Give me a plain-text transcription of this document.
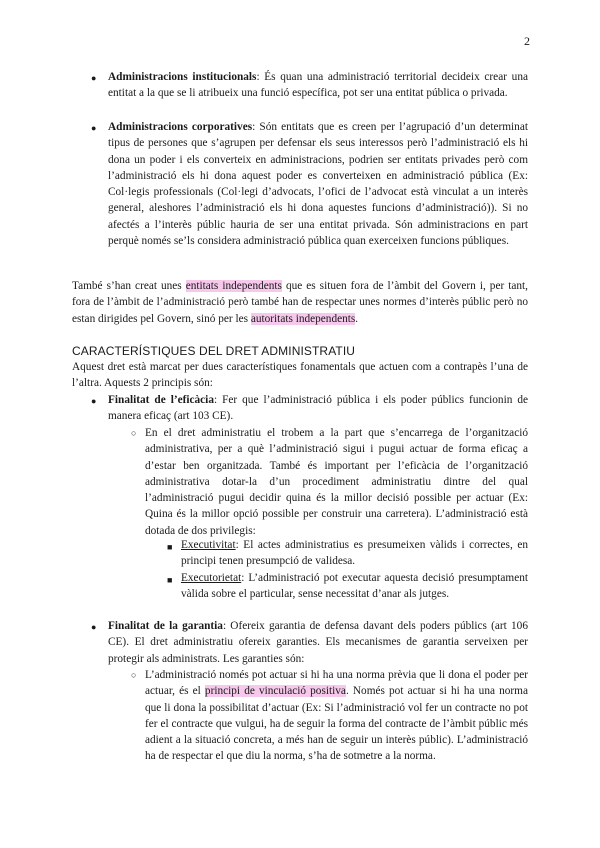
2
● Administracions institucionals: És quan una administració territorial decideix crear una entitat a la que se li atribueix una funció específica, pot ser una entitat pública o privada.
● Administracions corporatives: Són entitats que es creen per l’agrupació d’un determinat tipus de persones que s’agrupen per defensar els seus interessos però l’administració els hi dona un poder i els converteix en administracions, podrien ser entitats privades però com l’administració els hi dona aquest poder es converteixen en administració pública (Ex: Col·legis professionals (Col·legi d’advocats, l’ofici de l’advocat està vinculat a un interès general, aleshores l’administració els hi dona aquestes funcions d’administració)). Si no afectés a l’interès públic hauria de ser una entitat privada. Són administracions en part perquè només se’ls considera administració pública quan exerceixen funcions públiques.
També s’han creat unes entitats independents que es situen fora de l’àmbit del Govern i, per tant, fora de l’àmbit de l’administració però també han de respectar unes normes d’interès públic però no estan dirigides pel Govern, sinó per les autoritats independents.
CARACTERÍSTIQUES DEL DRET ADMINISTRATIU
Aquest dret està marcat per dues característiques fonamentals que actuen com a contrapès l’una de l’altra. Aquests 2 principis són:
● Finalitat de l’eficàcia: Fer que l’administració pública i els poder públics funcionin de manera eficaç (art 103 CE).
○ En el dret administratiu el trobem a la part que s’encarrega de l’organització administrativa, per a què l’administració sigui i pugui actuar de forma eficaç a d’estar ben organitzada. També és important per l’eficàcia de l’organització administrativa dotar-la d’un procediment administratiu dintre del qual l’administració pugui decidir quina és la millor decisió possible per actuar (Ex: Quina és la millor opció possible per construir una carretera). L’administració està dotada de dos privilegis:
■ Executivitat: El actes administratius es presumeixen vàlids i correctes, en principi tenen presumpció de validesa.
■ Executorietat: L’administració pot executar aquesta decisió presumptament vàlida sobre el particular, sense necessitat d’anar als jutges.
● Finalitat de la garantia: Ofereix garantia de defensa davant dels poders públics (art 106 CE). El dret administratiu ofereix garanties. Els mecanismes de garantia serveixen per protegir als administrats. Les garanties són:
○ L’administració només pot actuar si hi ha una norma prèvia que li dona el poder per actuar, és el principi de vinculació positiva. Només pot actuar si hi ha una norma que li dona la possibilitat d’actuar (Ex: Si l’administració vol fer un contracte no pot fer el contracte que vulgui, ha de seguir la forma del contracte de l’àmbit públic més adient a la situació concreta, a més han de seguir un interès públic). L’administració ha de respectar el que diu la norma, s’ha de sotmetre a la norma.
